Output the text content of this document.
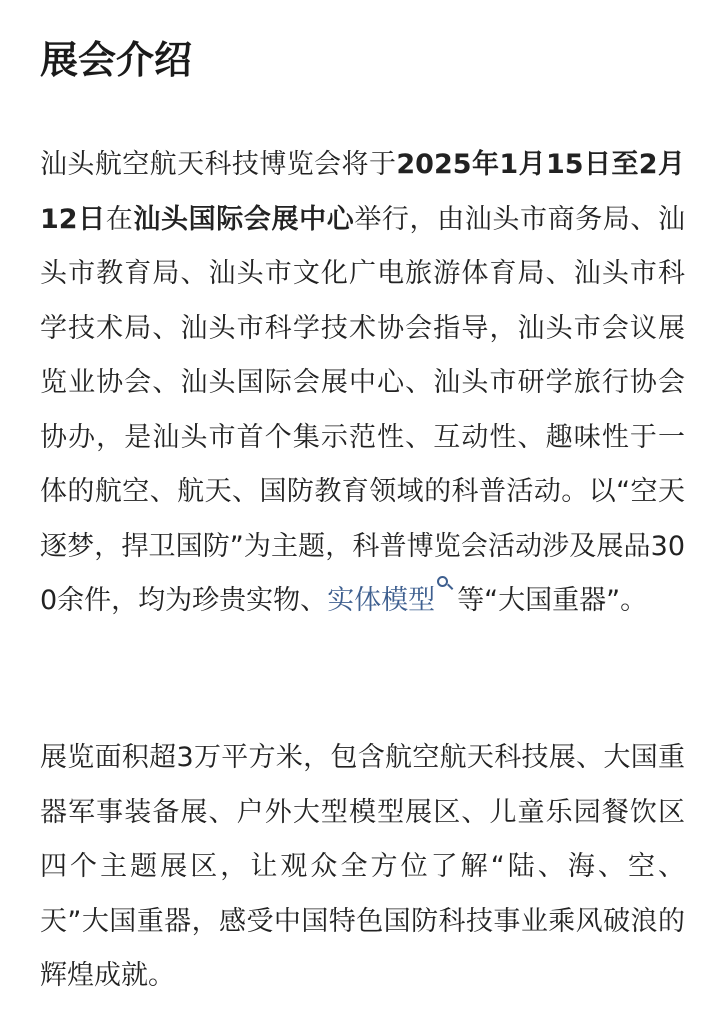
展会介绍

汕头航空航天科技博览会将于2025年1月15日至2月12日在汕头国际会展中心举行，由汕头市商务局、汕头市教育局、汕头市文化广电旅游体育局、汕头市科学技术局、汕头市科学技术协会指导，汕头市会议展览业协会、汕头国际会展中心、汕头市研学旅行协会协办，是汕头市首个集示范性、互动性、趣味性于一体的航空、航天、国防教育领域的科普活动。以“空天逐梦，捍卫国防”为主题，科普博览会活动涉及展品300余件，均为珍贵实物、实体模型 等“大国重器”。

展览面积超3万平方米，包含航空航天科技展、大国重器军事装备展、户外大型模型展区、儿童乐园餐饮区四个主题展区，让观众全方位了解“陆、海、空、天”大国重器，感受中国特色国防科技事业乘风破浪的辉煌成就。
